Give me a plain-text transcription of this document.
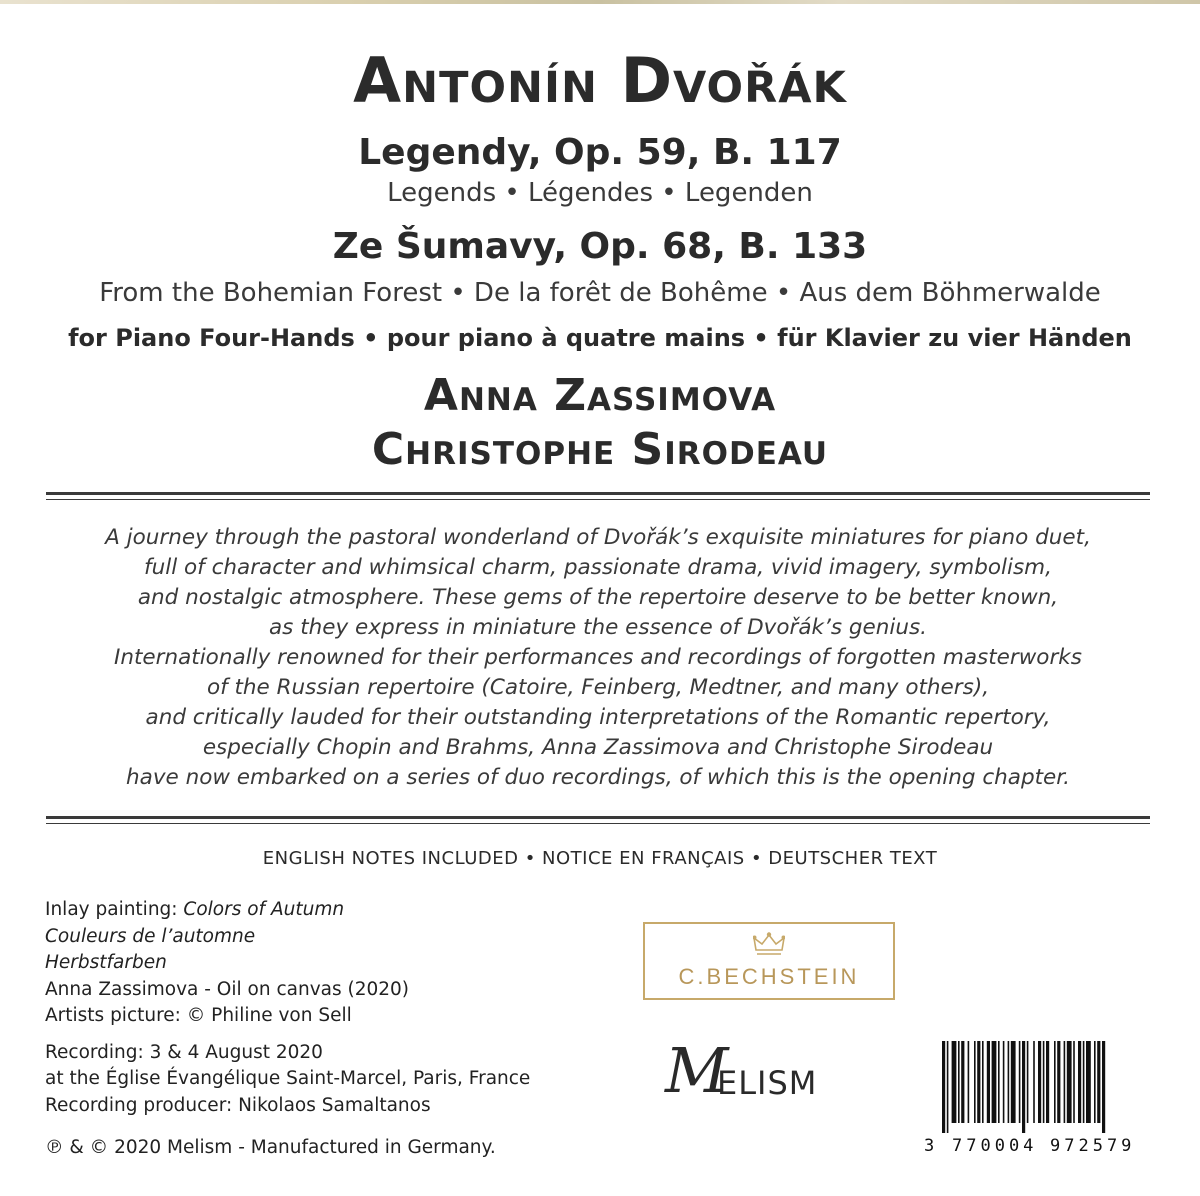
Antonín Dvořák
Legendy, Op. 59, B. 117
Legends • Légendes • Legenden
Ze Šumavy, Op. 68, B. 133
From the Bohemian Forest • De la forêt de Bohême • Aus dem Böhmerwalde
for Piano Four-Hands • pour piano à quatre mains • für Klavier zu vier Händen
Anna Zassimova
Christophe Sirodeau
A journey through the pastoral wonderland of Dvořák’s exquisite miniatures for piano duet,
full of character and whimsical charm, passionate drama, vivid imagery, symbolism,
and nostalgic atmosphere. These gems of the repertoire deserve to be better known,
as they express in miniature the essence of Dvořák’s genius.
Internationally renowned for their performances and recordings of forgotten masterworks
of the Russian repertoire (Catoire, Feinberg, Medtner, and many others),
and critically lauded for their outstanding interpretations of the Romantic repertory,
especially Chopin and Brahms, Anna Zassimova and Christophe Sirodeau
have now embarked on a series of duo recordings, of which this is the opening chapter.
ENGLISH NOTES INCLUDED • NOTICE EN FRANÇAIS • DEUTSCHER TEXT
Inlay painting: Colors of Autumn
Couleurs de l’automne
Herbstfarben
Anna Zassimova - Oil on canvas (2020)
Artists picture: © Philine von Sell
Recording: 3 & 4 August 2020
at the Église Évangélique Saint-Marcel, Paris, France
Recording producer: Nikolaos Samaltanos
℗ & © 2020 Melism - Manufactured in Germany.
C.BECHSTEIN
M
ELISM
3 770004 972579
